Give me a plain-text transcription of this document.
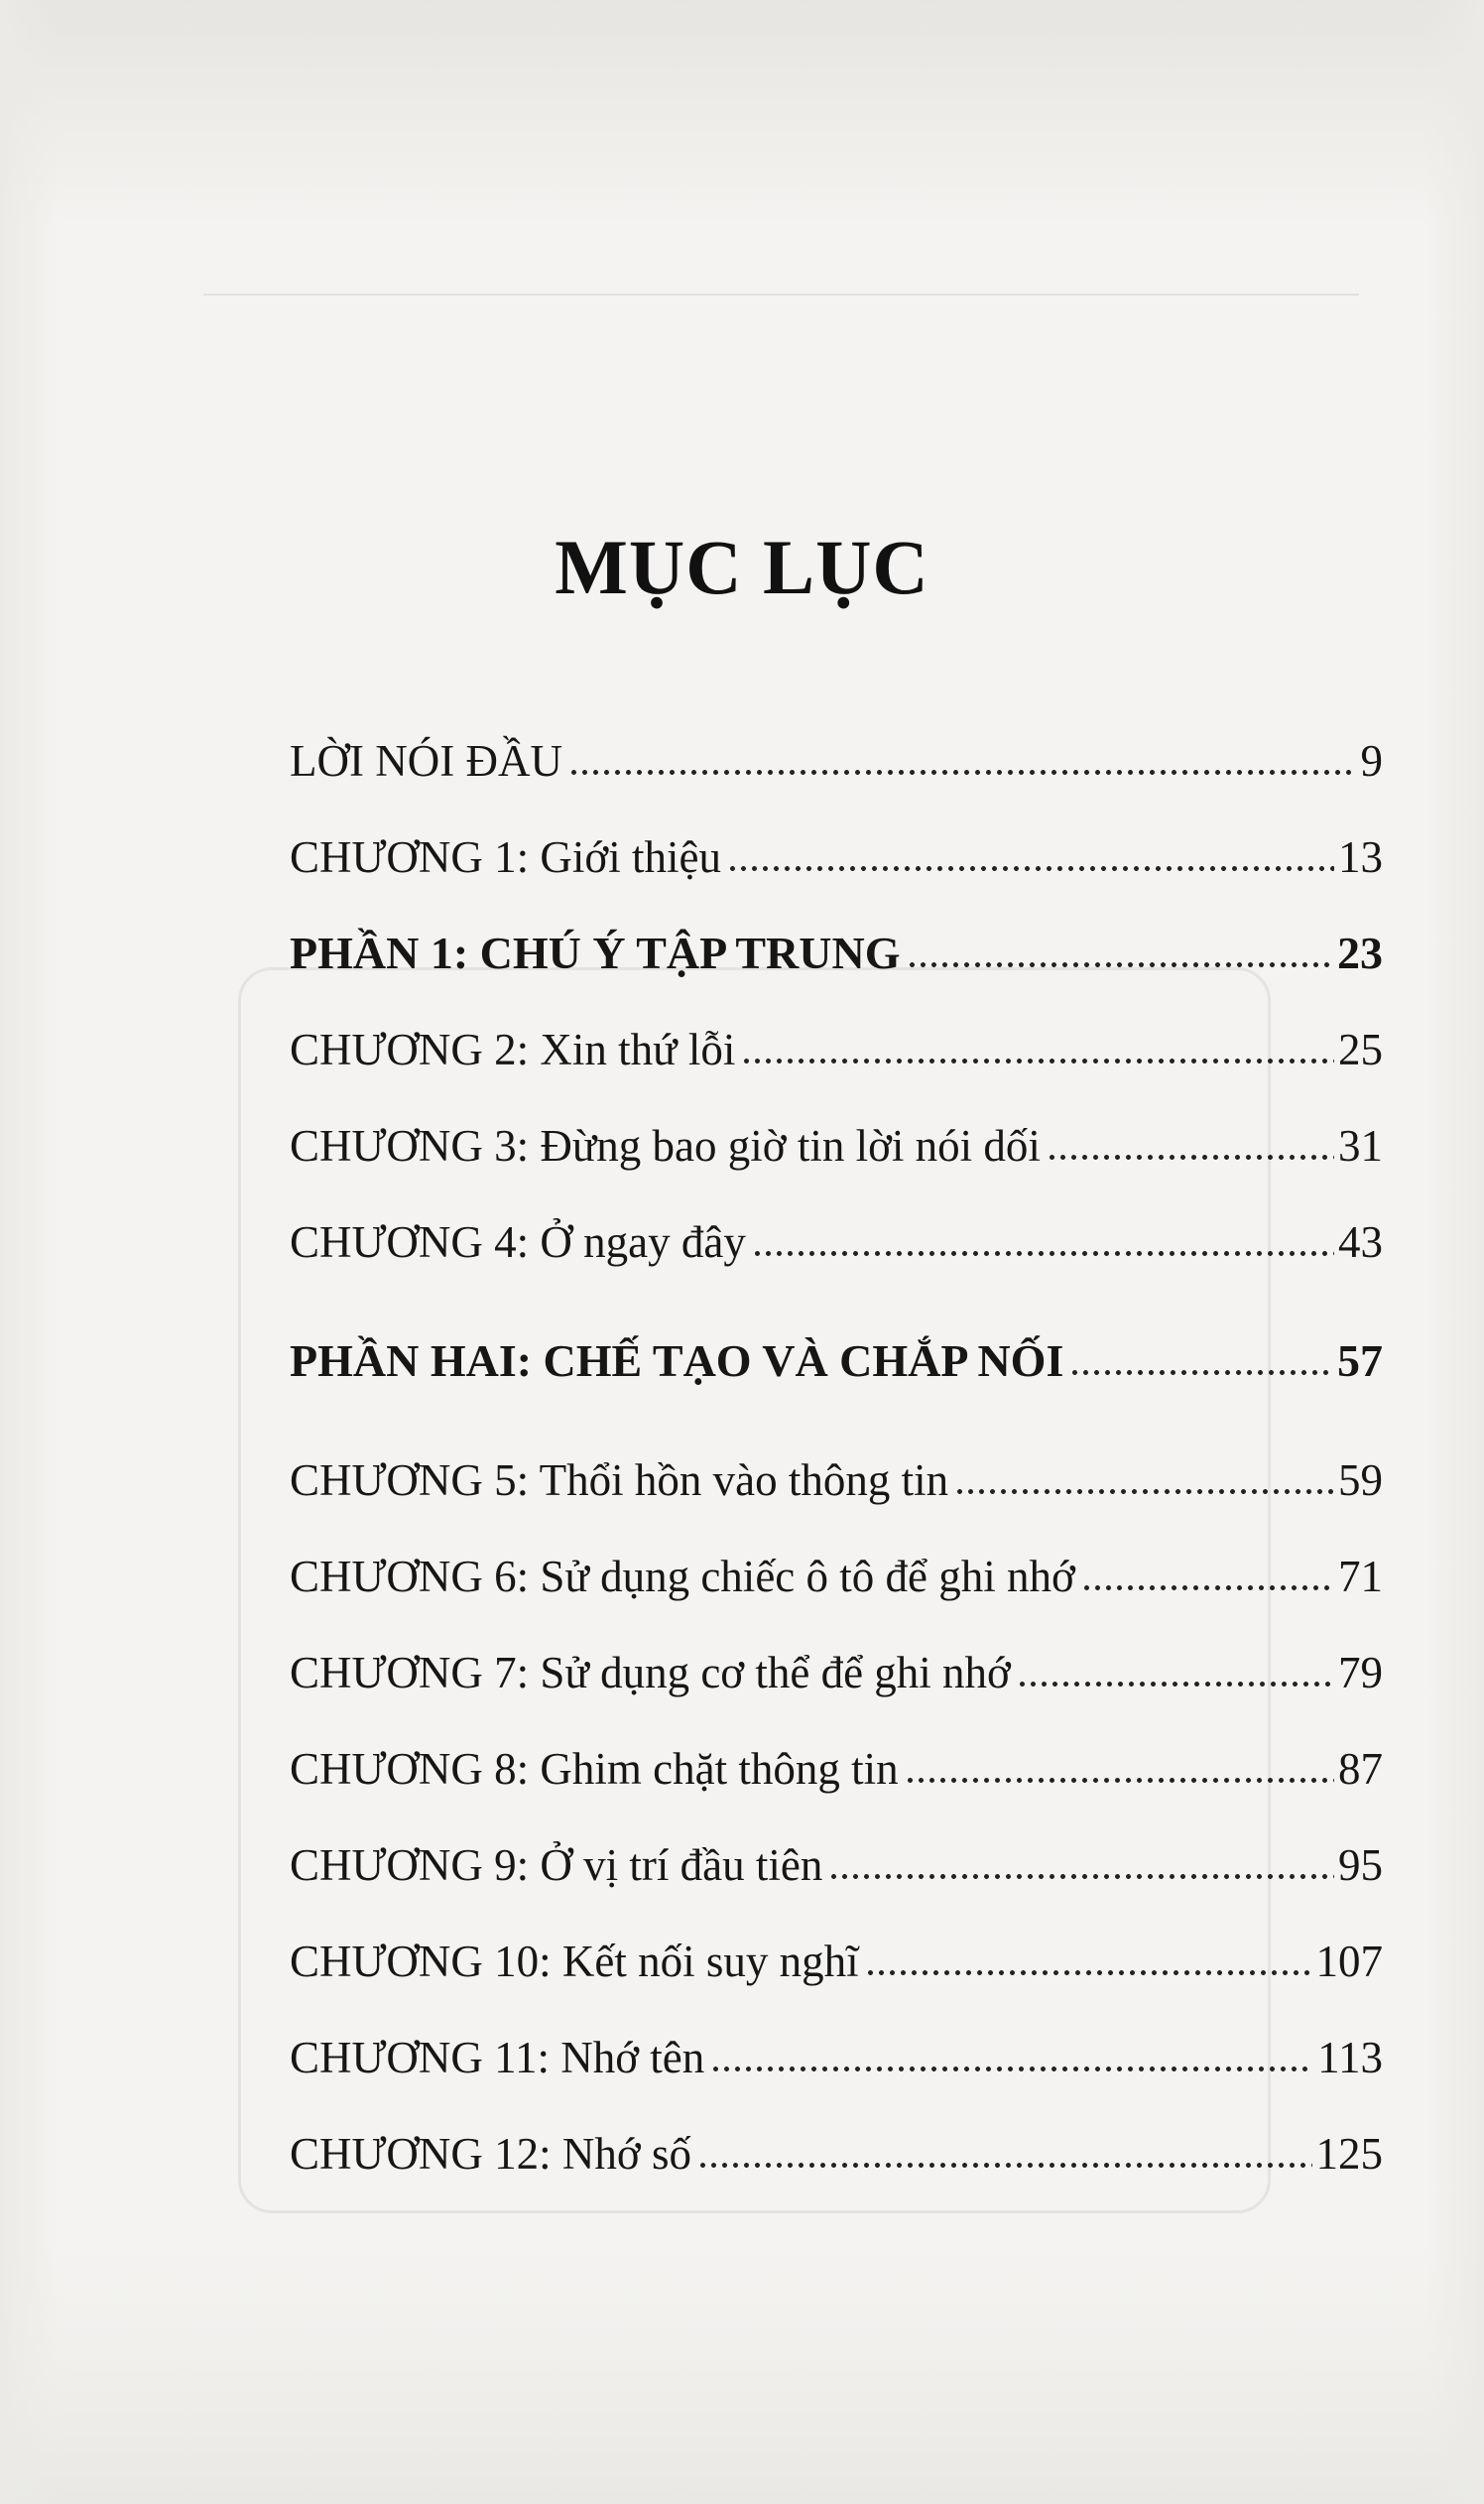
MỤC LỤC
LỜI NÓI ĐẦU	9
CHƯƠNG 1: Giới thiệu	13
PHẦN 1: CHÚ Ý TẬP TRUNG	23
CHƯƠNG 2: Xin thứ lỗi	25
CHƯƠNG 3: Đừng bao giờ tin lời nói dối	31
CHƯƠNG 4: Ở ngay đây	43
PHẦN HAI: CHẾ TẠO VÀ CHẮP NỐI	57
CHƯƠNG 5: Thổi hồn vào thông tin	59
CHƯƠNG 6: Sử dụng chiếc ô tô để ghi nhớ	71
CHƯƠNG 7: Sử dụng cơ thể để ghi nhớ	79
CHƯƠNG 8: Ghim chặt thông tin	87
CHƯƠNG 9: Ở vị trí đầu tiên	95
CHƯƠNG 10: Kết nối suy nghĩ	107
CHƯƠNG 11: Nhớ tên	113
CHƯƠNG 12: Nhớ số	125
